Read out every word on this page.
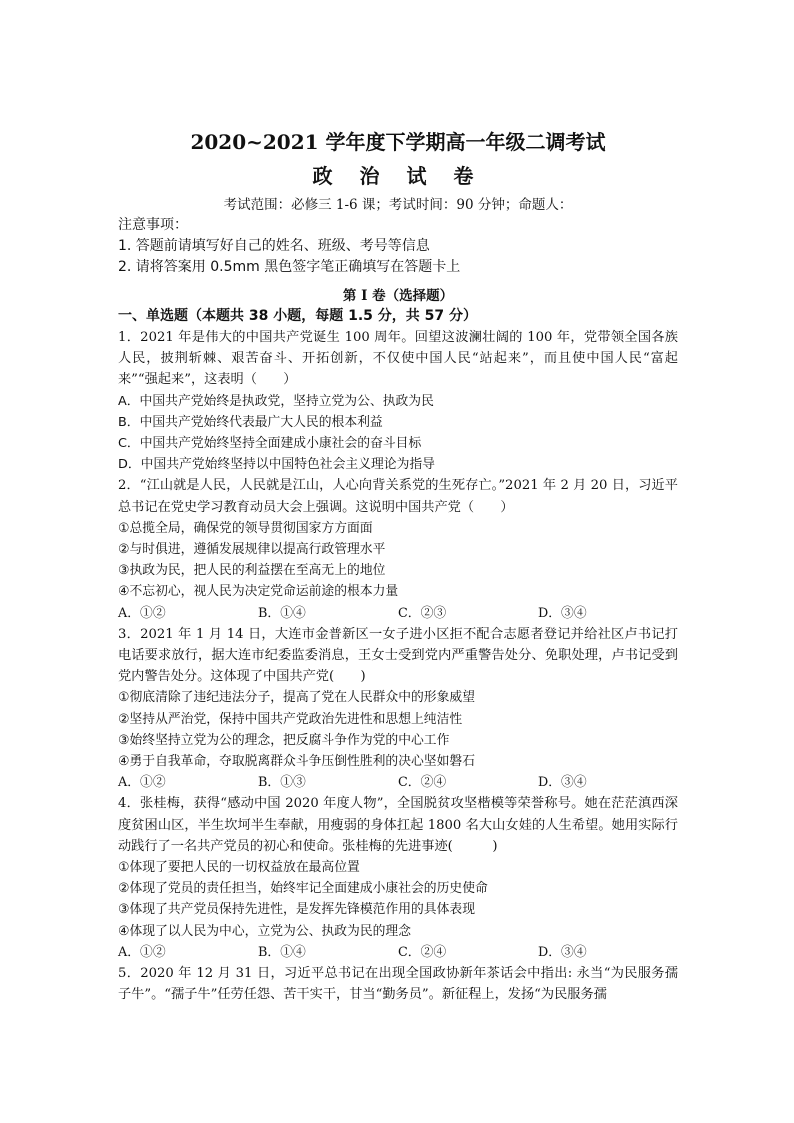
2020~2021 学年度下学期高一年级二调考试
政 治 试 卷
考试范围：必修三 1-6 课；考试时间：90 分钟；命题人：
注意事项：
1. 答题前请填写好自己的姓名、班级、考号等信息
2. 请将答案用 0.5mm 黑色签字笔正确填写在答题卡上
第 I 卷（选择题）
一、单选题（本题共 38 小题，每题 1.5 分，共 57 分）
1．2021 年是伟大的中国共产党诞生 100 周年。回望这波澜壮阔的 100 年，党带领全国各族人民，披荆斩棘、艰苦奋斗、开拓创新，不仅使中国人民“站起来”，而且使中国人民“富起来”“强起来”，这表明（　　）
A．中国共产党始终是执政党，坚持立党为公、执政为民
B．中国共产党始终代表最广大人民的根本利益
C．中国共产党始终坚持全面建成小康社会的奋斗目标
D．中国共产党始终坚持以中国特色社会主义理论为指导
2．“江山就是人民，人民就是江山，人心向背关系党的生死存亡。”2021 年 2 月 20 日，习近平总书记在党史学习教育动员大会上强调。这说明中国共产党（　　）
①总揽全局，确保党的领导贯彻国家方方面面
②与时俱进，遵循发展规律以提高行政管理水平
③执政为民，把人民的利益摆在至高无上的地位
④不忘初心，视人民为决定党命运前途的根本力量
A．①②	B．①④	C．②③	D．③④
3．2021 年 1 月 14 日，大连市金普新区一女子进小区拒不配合志愿者登记并给社区卢书记打电话要求放行，据大连市纪委监委消息，王女士受到党内严重警告处分、免职处理，卢书记受到党内警告处分。这体现了中国共产党(　　)
①彻底清除了违纪违法分子，提高了党在人民群众中的形象威望
②坚持从严治党，保持中国共产党政治先进性和思想上纯洁性
③始终坚持立党为公的理念，把反腐斗争作为党的中心工作
④勇于自我革命，夺取脱离群众斗争压倒性胜利的决心坚如磐石
A．①②	B．①③	C．②④	D．③④
4．张桂梅，获得“感动中国 2020 年度人物”，全国脱贫攻坚楷模等荣誉称号。她在茫茫滇西深度贫困山区，半生坎坷半生奉献，用瘦弱的身体扛起 1800 名大山女娃的人生希望。她用实际行动践行了一名共产党员的初心和使命。张桂梅的先进事迹(　　　)
①体现了要把人民的一切权益放在最高位置
②体现了党员的责任担当，始终牢记全面建成小康社会的历史使命
③体现了共产党员保持先进性，是发挥先锋模范作用的具体表现
④体现了以人民为中心，立党为公、执政为民的理念
A．①②	B．①④	C．②④	D．③④
5．2020 年 12 月 31 日，习近平总书记在出现全国政协新年茶话会中指出: 永当“为民服务孺子牛”。“孺子牛”任劳任怨、苦干实干，甘当“勤务员”。新征程上，发扬“为民服务孺
